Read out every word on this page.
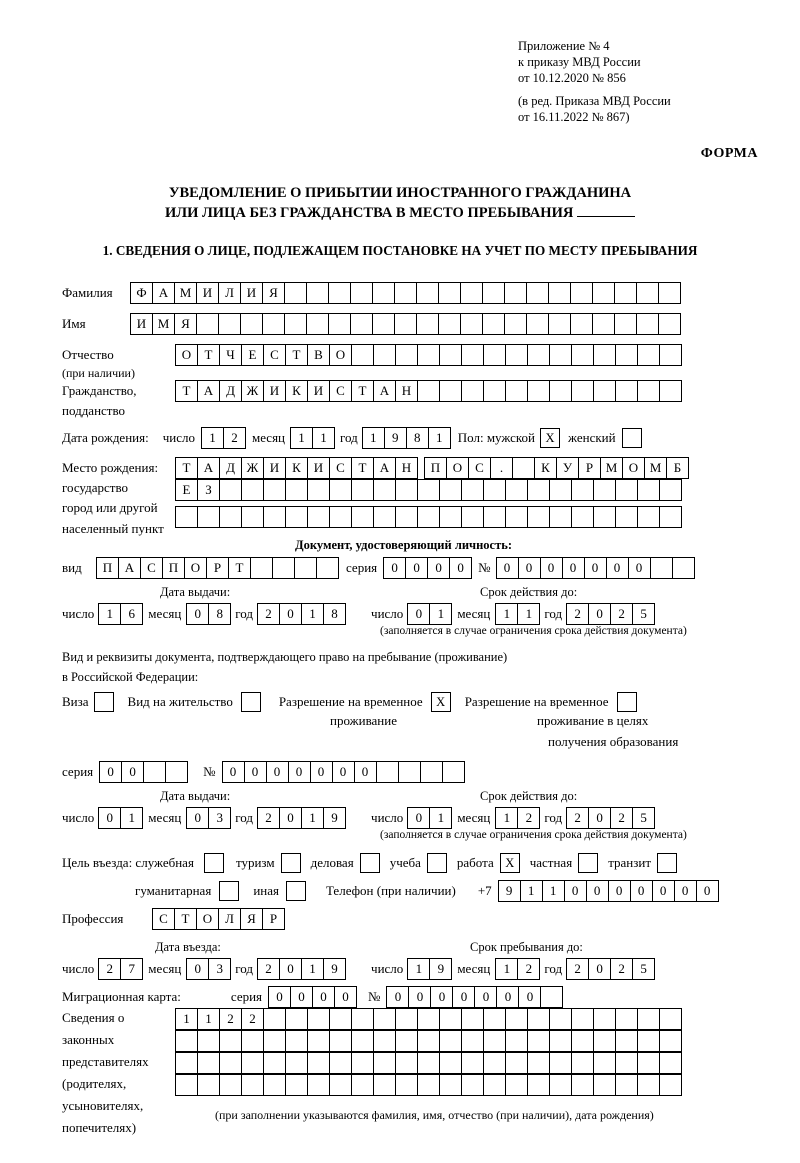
Приложение № 4
к приказу МВД России
от 10.12.2020 № 856
(в ред. Приказа МВД России
от 16.11.2022 № 867)
ФОРМА
УВЕДОМЛЕНИЕ О ПРИБЫТИИ ИНОСТРАННОГО ГРАЖДАНИНА
ИЛИ ЛИЦА БЕЗ ГРАЖДАНСТВА В МЕСТО ПРЕБЫВАНИЯ
1. СВЕДЕНИЯ О ЛИЦЕ, ПОДЛЕЖАЩЕМ ПОСТАНОВКЕ НА УЧЕТ ПО МЕСТУ ПРЕБЫВАНИЯ
Фамилия	Ф А М И Л И Я
Имя	И М Я
Отчество	О	Т	Ч	Е	С	Т	В О
(при наличии)
Гражданство,	Т	А Д Ж И К И С	Т	А Н
подданство
Дата рождения: число	1	2	месяц	1	1	год 1	9	8	1	Пол: мужской Х	женский
Место рождения:	Т	А Д Ж И К И С	Т	А Н	П О С	.	К	У	Р М О М Б
государство	Е	З
город или другой
населенный пункт
Документ, удостоверяющий личность:
вид	П А С П О	Р	Т	серия	0	0	0	0	№	0	0	0	0	0	0	0
Дата выдачи:	Срок действия до:
число 1	6	месяц	0	8 год 2	0	1	8	число 0	1	месяц	1	1 год 2	0	2	5
(заполняется в случае ограничения срока действия документа)
Вид и реквизиты документа, подтверждающего право на пребывание (проживание)
в Российской Федерации:
Виза	Вид на жительство	Разрешение на временное	Х	Разрешение на временное
проживание	проживание в целях
получения образования
серия	0	0	№	0	0	0	0	0	0	0
Дата выдачи:	Срок действия до:
число 0	1	месяц	0	3 год 2	0	1	9	число 0	1	месяц	1	2 год 2	0	2	5
(заполняется в случае ограничения срока действия документа)
Цель въезда: служебная	туризм	деловая	учеба	работа Х	частная	транзит
гуманитарная	иная	Телефон (при наличии) +7	9	1	1	0	0	0	0	0	0	0
Профессия	С	Т	О Л	Я	Р
Дата въезда:	Срок пребывания до:
число 2	7	месяц	0	3 год 2	0	1	9	число 1	9	месяц	1	2 год 2	0	2	5
Миграционная карта:	серия	0	0	0	0	№	0	0	0	0	0	0	0
Сведения о
законных
представителях
(родителях,
усыновителях,
попечителях)
1	1	2	2
(при заполнении указываются фамилия, имя, отчество (при наличии), дата рождения)
